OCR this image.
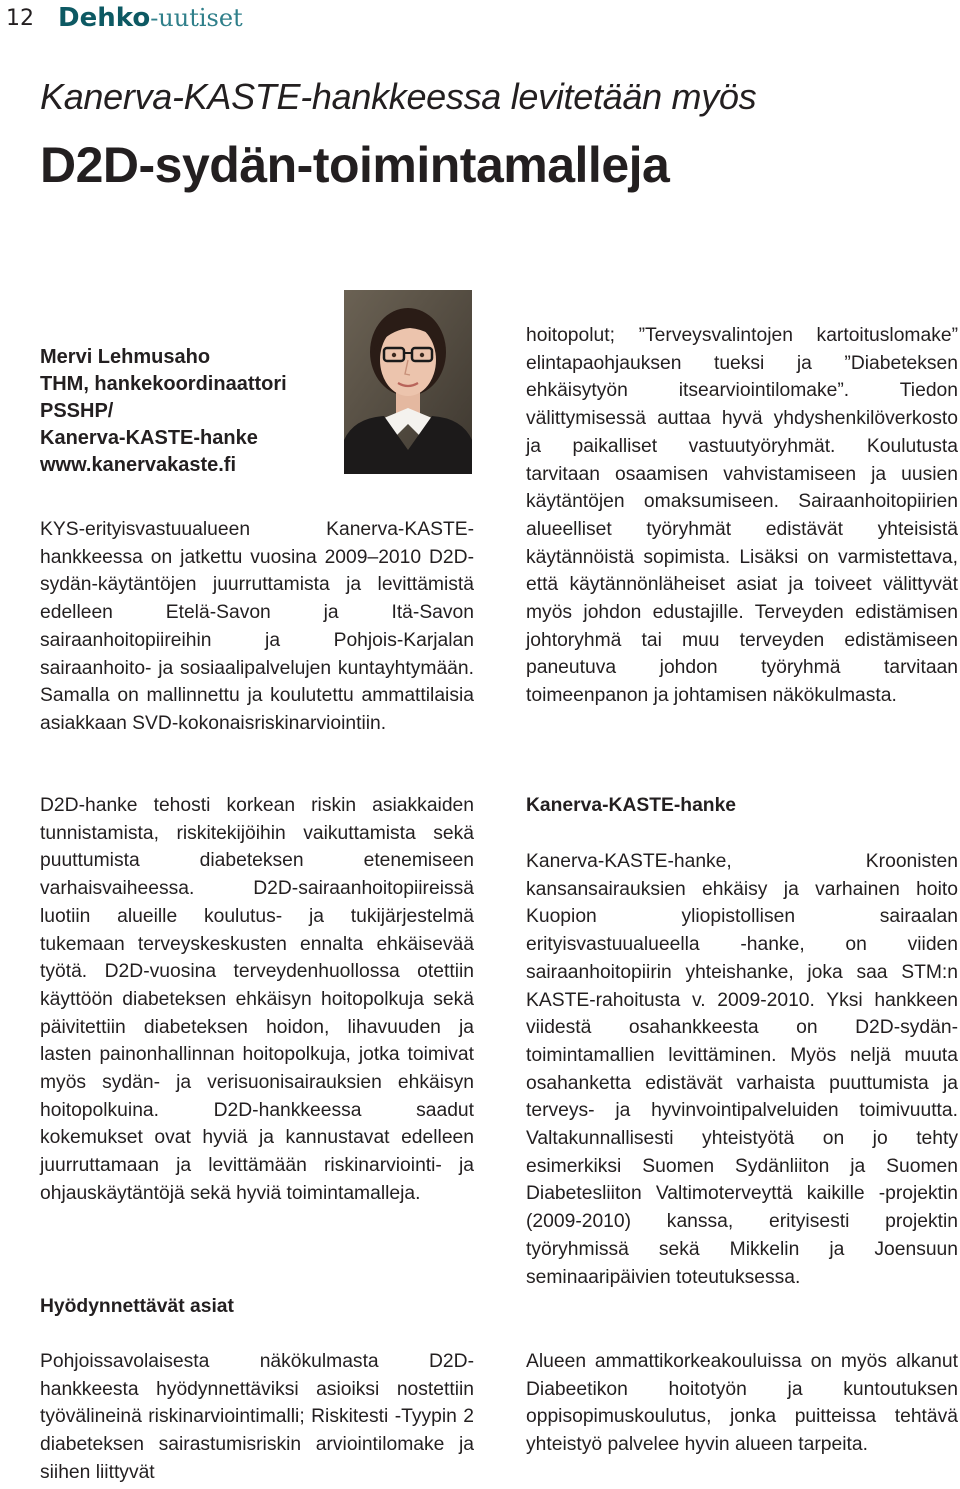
12 Dehko-uutiset
Kanerva-KASTE-hankkeessa levitetään myös
D2D-sydän-toimintamalleja
Mervi Lehmusaho
THM, hankekoordinaattori
PSSHP/
Kanerva-KASTE-hanke
www.kanervakaste.fi

KYS-erityisvastuualueen Kanerva-KASTE-hankkeessa on jatkettu vuosina 2009–2010 D2D-sydän-käytäntöjen juurruttamista ja levittämistä edelleen Etelä-Savon ja Itä-Savon sairaanhoitopiireihin ja Pohjois-Karjalan sairaanhoito- ja sosiaalipalvelujen kuntayhtymään. Samalla on mallinnettu ja koulutettu ammattilaisia asiakkaan SVD-kokonaisriskinarviointiin.

D2D-hanke tehosti korkean riskin asiakkaiden tunnistamista, riskitekijöihin vaikuttamista sekä puuttumista diabeteksen etenemiseen varhaisvaiheessa. D2D-sairaanhoitopiireissä luotiin alueille koulutus- ja tukijärjestelmä tukemaan terveyskeskusten ennalta ehkäisevää työtä. D2D-vuosina terveydenhuollossa otettiin käyttöön diabeteksen ehkäisyn hoitopolkuja sekä päivitettiin diabeteksen hoidon, lihavuuden ja lasten painonhallinnan hoitopolkuja, jotka toimivat myös sydän- ja verisuonisairauksien ehkäisyn hoitopolkuina. D2D-hankkeessa saadut kokemukset ovat hyviä ja kannustavat edelleen juurruttamaan ja levittämään riskinarviointi- ja ohjauskäytäntöjä sekä hyviä toimintamalleja.

Hyödynnettävät asiat

Pohjoissavolaisesta näkökulmasta D2D-hankkeesta hyödynnettäviksi asioiksi nostettiin työvälineinä riskinarviointimalli; Riskitesti -Tyypin 2 diabeteksen sairastumisriskin arviointilomake ja siihen liittyvät

hoitopolut; ”Terveysvalintojen kartoituslomake” elintapaohjauksen tueksi ja ”Diabeteksen ehkäisytyön itsearviointilomake”. Tiedon välittymisessä auttaa hyvä yhdyshenkilöverkosto ja paikalliset vastuutyöryhmät. Koulutusta tarvitaan osaamisen vahvistamiseen ja uusien käytäntöjen omaksumiseen. Sairaanhoitopiirien alueelliset työryhmät edistävät yhteisistä käytännöistä sopimista. Lisäksi on varmistettava, että käytännönläheiset asiat ja toiveet välittyvät myös johdon edustajille. Terveyden edistämisen johtoryhmä tai muu terveyden edistämiseen paneutuva johdon työryhmä tarvitaan toimeenpanon ja johtamisen näkökulmasta.

Kanerva-KASTE-hanke

Kanerva-KASTE-hanke, Kroonisten kansansairauksien ehkäisy ja varhainen hoito Kuopion yliopistollisen sairaalan erityisvastuualueella -hanke, on viiden sairaanhoitopiirin yhteishanke, joka saa STM:n KASTE-rahoitusta v. 2009-2010. Yksi hankkeen viidestä osahankkeesta on D2D-sydän-toimintamallien levittäminen. Myös neljä muuta osahanketta edistävät varhaista puuttumista ja terveys- ja hyvinvointipalveluiden toimivuutta. Valtakunnallisesti yhteistyötä on jo tehty esimerkiksi Suomen Sydänliiton ja Suomen Diabetesliiton Valtimoterveyttä kaikille -projektin (2009-2010) kanssa, erityisesti projektin työryhmissä sekä Mikkelin ja Joensuun seminaaripäivien toteutuksessa.

Alueen ammattikorkeakouluissa on myös alkanut Diabeetikon hoitotyön ja kuntoutuksen oppisopimuskoulutus, jonka puitteissa tehtävä yhteistyö palvelee hyvin alueen tarpeita.
